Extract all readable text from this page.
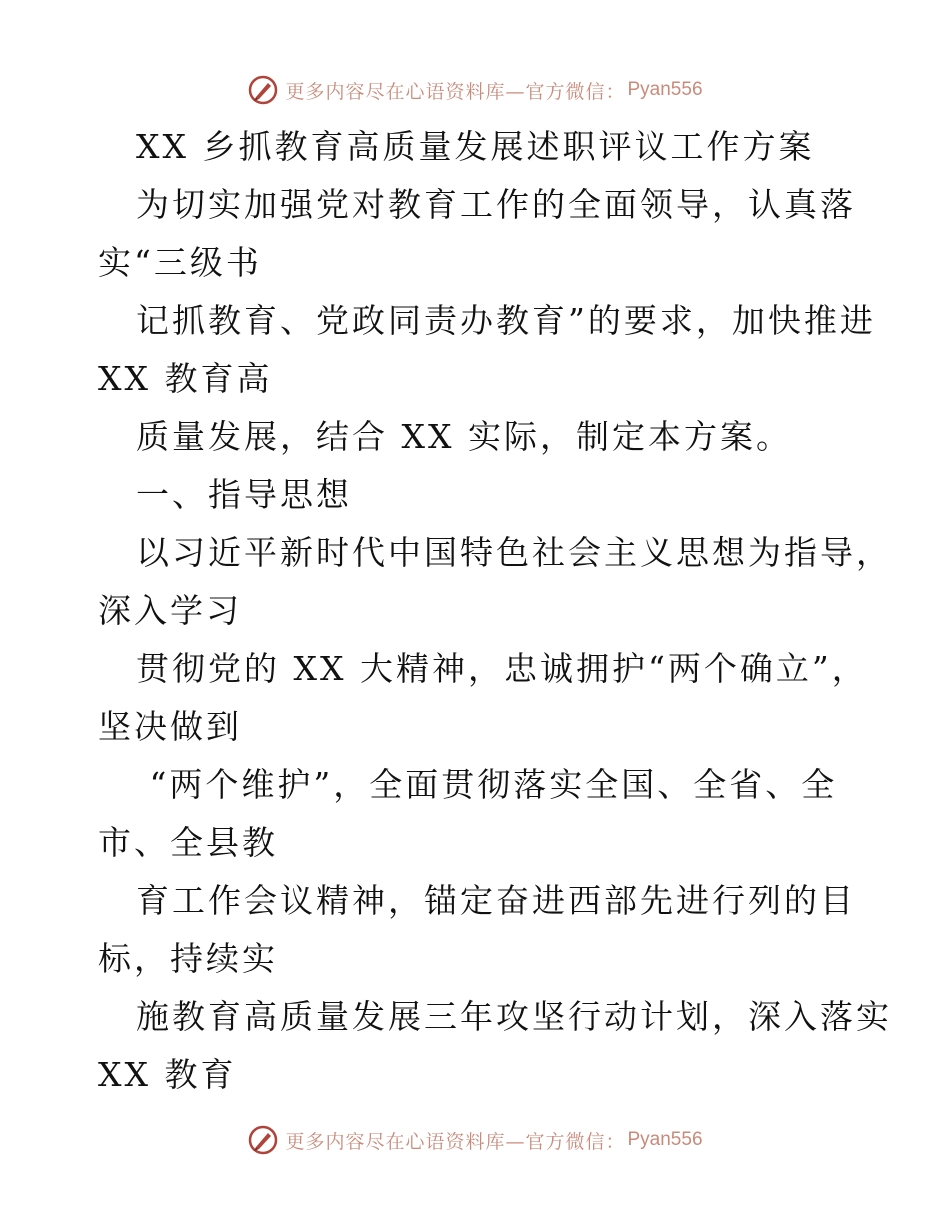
更多内容尽在心语资料库—官方微信： Pyan556
XX 乡抓教育高质量发展述职评议工作方案
为切实加强党对教育工作的全面领导，认真落
实“三级书
记抓教育、党政同责办教育”的要求，加快推进
XX 教育高
质量发展，结合 XX 实际，制定本方案。
一、指导思想
以习近平新时代中国特色社会主义思想为指导，
深入学习
贯彻党的 XX 大精神，忠诚拥护“两个确立”，
坚决做到
“两个维护”，全面贯彻落实全国、全省、全
市、全县教
育工作会议精神，锚定奋进西部先进行列的目
标，持续实
施教育高质量发展三年攻坚行动计划，深入落实
XX 教育
更多内容尽在心语资料库—官方微信： Pyan556
